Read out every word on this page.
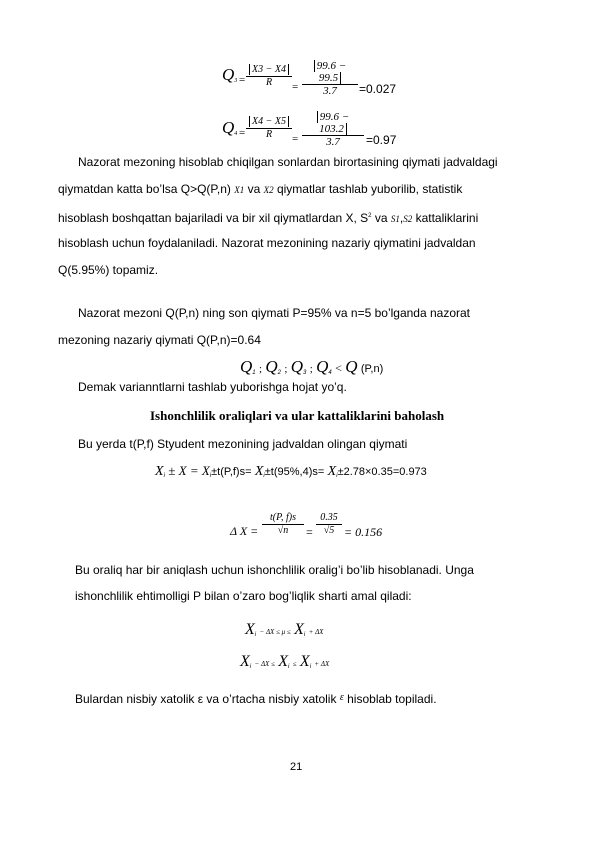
$Q_3 = \frac{X3 - X4}{R} = \frac{99.6 - 99.5}{3.7} =0.027$
$Q_4 = \frac{X4 - X5}{R} = \frac{99.6 - 103.2}{3.7} =0.97$
Nazorat mezoning hisoblab chiqilgan sonlardan birortasining qiymati jadvaldagi
qiymatdan katta bo’lsa Q>Q(P,n) X1 va X2 qiymatlar tashlab yuborilib, statistik
hisoblash boshqattan bajariladi va bir xil qiymatlardan X, $S^2$ va S1,S2 kattaliklarini
hisoblash uchun foydalaniladi. Nazorat mezonining nazariy qiymatini jadvaldan
Q(5.95%) topamiz.
Nazorat mezoni Q(P,n) ning son qiymati P=95% va n=5 bo’lganda nazorat
mezoning nazariy qiymati Q(P,n)=0.64
$Q_1$ ; $Q_2$ ; $Q_3$ ; $Q_4 < Q$ (P,n)
Demak varianntlarni tashlab yuborishga hojat yo’q.
Ishonchlilik oraliqlari va ular kattaliklarini baholash
Bu yerda t(P,f) Styudent mezonining jadvaldan olingan qiymati
$X_i \pm X = X_i\pm t(P,f)s= X_i\pm t(95\%,4)s= X_i\pm 2.78\times 0.35=0.973$
Δ $X = \frac{t(P, f)s}{√n} = \frac{0.35}{√5} = 0.156$
Bu oraliq har bir aniqlash uchun ishonchlilik oralig’i bo’lib hisoblanadi. Unga
ishonchlilik ehtimolligi P bilan o’zaro bog’liqlik sharti amal qiladi:
$X_i - \Delta X \le \mu \le X_i + \Delta X$
$X_i - \Delta X \le X_i \le X_i + \Delta X$
Bulardan nisbiy xatolik ε va o’rtacha nisbiy xatolik $^\varepsilon$ hisoblab topiladi.
21
